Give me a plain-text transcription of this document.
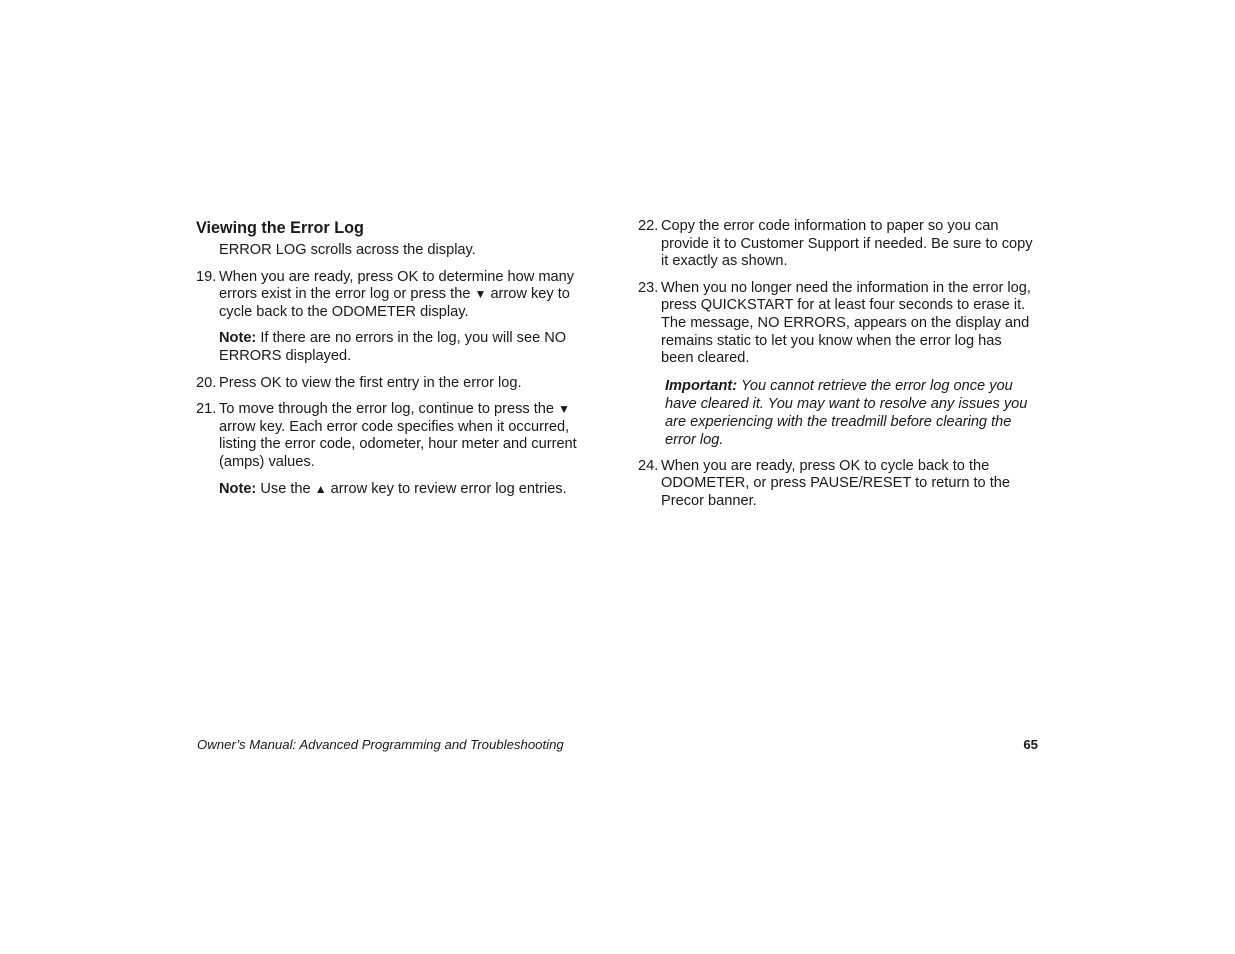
Viewing the Error Log

ERROR LOG scrolls across the display.

19. When you are ready, press OK to determine how many errors exist in the error log or press the ▼ arrow key to cycle back to the ODOMETER display.

Note: If there are no errors in the log, you will see NO ERRORS displayed.

20. Press OK to view the first entry in the error log.
21. To move through the error log, continue to press the ▼ arrow key. Each error code specifies when it occurred, listing the error code, odometer, hour meter and current (amps) values.

Note: Use the ▲ arrow key to review error log entries.

22. Copy the error code information to paper so you can provide it to Customer Support if needed. Be sure to copy it exactly as shown.
23. When you no longer need the information in the error log, press QUICKSTART for at least four seconds to erase it. The message, NO ERRORS, appears on the display and remains static to let you know when the error log has been cleared.

Important: You cannot retrieve the error log once you have cleared it. You may want to resolve any issues you are experiencing with the treadmill before clearing the error log.

24. When you are ready, press OK to cycle back to the ODOMETER, or press PAUSE/RESET to return to the Precor banner.
Owner’s Manual: Advanced Programming and Troubleshooting	65
